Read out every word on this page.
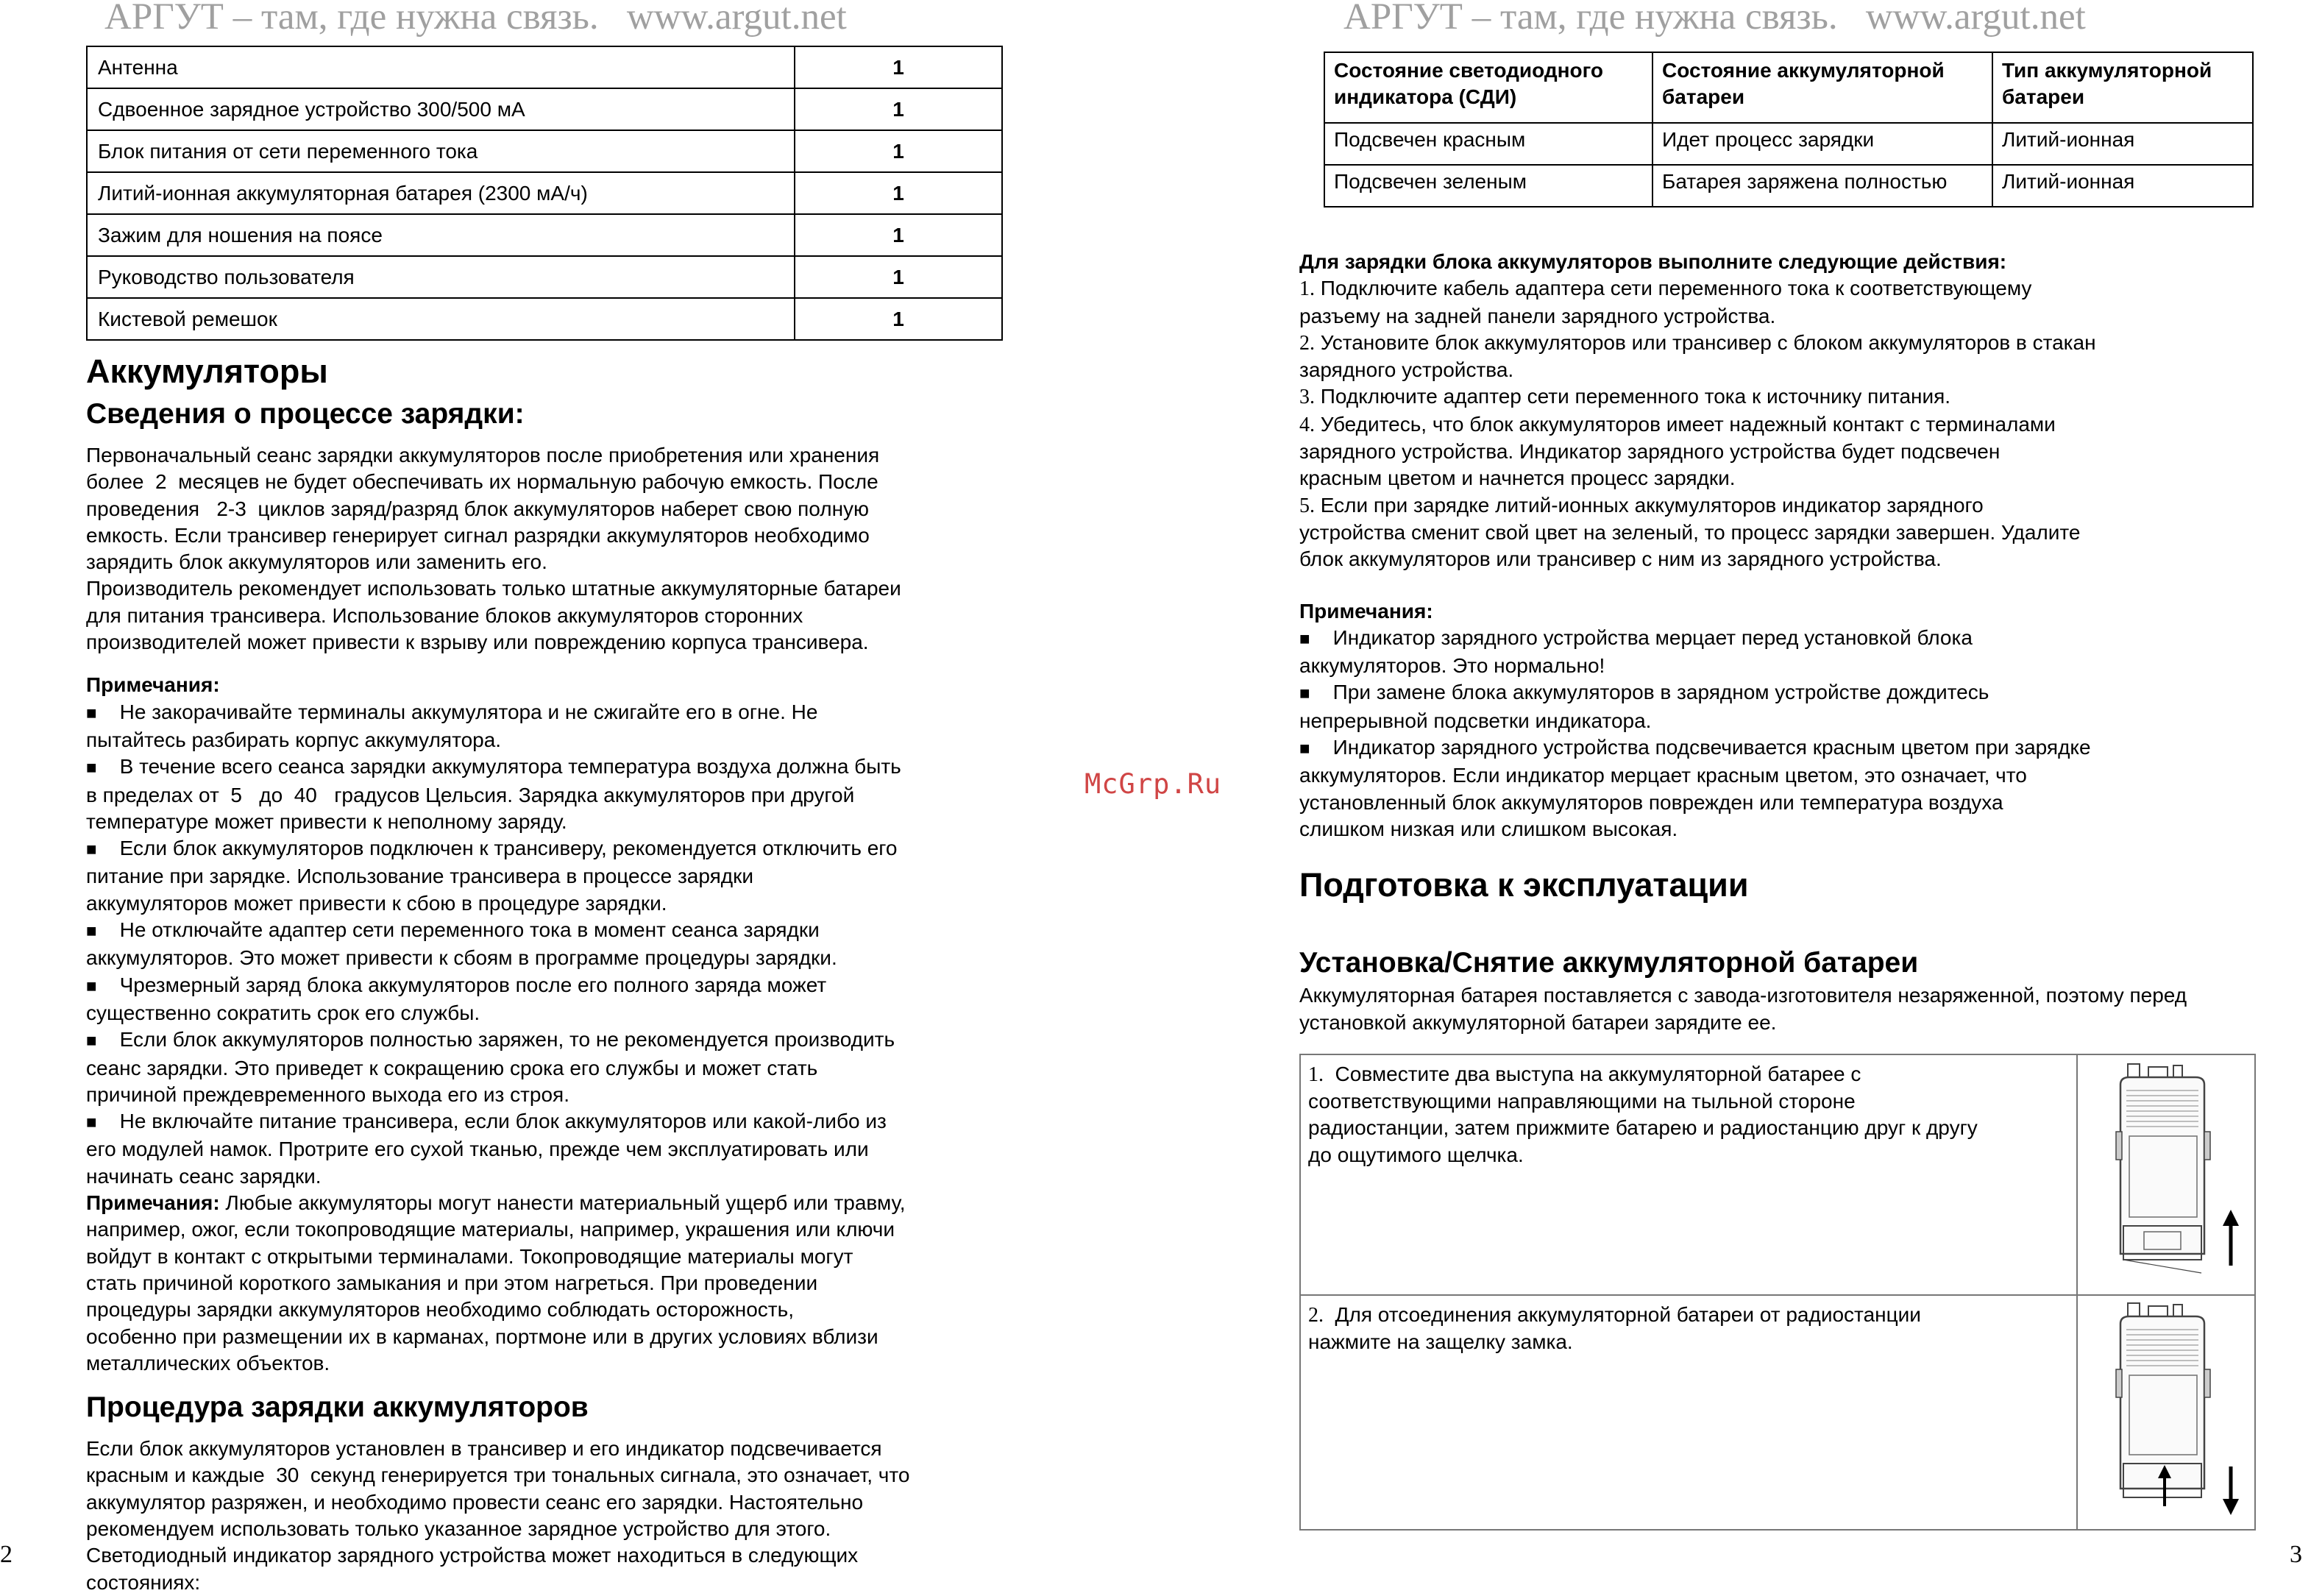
АРГУТ – там, где нужна связь.   www.argut.net	АРГУТ – там, где нужна связь.   www.argut.net
McGrp.Ru
2	3
Антенна	1
Сдвоенное зарядное устройство 300/500 мА	1
Блок питания от сети переменного тока	1
Литий-ионная аккумуляторная батарея (2300 мА/ч)	1
Зажим для ношения на поясе	1
Руководство пользователя	1
Кистевой ремешок	1
Аккумуляторы
Сведения о процессе зарядки:
Первоначальный сеанс зарядки аккумуляторов после приобретения или хранения
более  2  месяцев не будет обеспечивать их нормальную рабочую емкость. После
проведения   2-3  циклов заряд/разряд блок аккумуляторов наберет свою полную
емкость. Если трансивер генерирует сигнал разрядки аккумуляторов необходимо
зарядить блок аккумуляторов или заменить его.
Производитель рекомендует использовать только штатные аккумуляторные батареи
для питания трансивера. Использование блоков аккумуляторов сторонних
производителей может привести к взрыву или повреждению корпуса трансивера.
Примечания:
■    Не закорачивайте терминалы аккумулятора и не сжигайте его в огне. Не
пытайтесь разбирать корпус аккумулятора.
■    В течение всего сеанса зарядки аккумулятора температура воздуха должна быть
в пределах от  5   до  40   градусов Цельсия. Зарядка аккумуляторов при другой
температуре может привести к неполному заряду.
■    Если блок аккумуляторов подключен к трансиверу, рекомендуется отключить его
питание при зарядке. Использование трансивера в процессе зарядки
аккумуляторов может привести к сбою в процедуре зарядки.
■    Не отключайте адаптер сети переменного тока в момент сеанса зарядки
аккумуляторов. Это может привести к сбоям в программе процедуры зарядки.
■    Чрезмерный заряд блока аккумуляторов после его полного заряда может
существенно сократить срок его службы.
■    Если блок аккумуляторов полностью заряжен, то не рекомендуется производить
сеанс зарядки. Это приведет к сокращению срока его службы и может стать
причиной преждевременного выхода его из строя.
■    Не включайте питание трансивера, если блок аккумуляторов или какой-либо из
его модулей намок. Протрите его сухой тканью, прежде чем эксплуатировать или
начинать сеанс зарядки.
Примечания: Любые аккумуляторы могут нанести материальный ущерб или травму,
например, ожог, если токопроводящие материалы, например, украшения или ключи
войдут в контакт с открытыми терминалами. Токопроводящие материалы могут
стать причиной короткого замыкания и при этом нагреться. При проведении
процедуры зарядки аккумуляторов необходимо соблюдать осторожность,
особенно при размещении их в карманах, портмоне или в других условиях вблизи
металлических объектов.
Процедура зарядки аккумуляторов
Если блок аккумуляторов установлен в трансивер и его индикатор подсвечивается
красным и каждые  30  секунд генерируется три тональных сигнала, это означает, что
аккумулятор разряжен, и необходимо провести сеанс его зарядки. Настоятельно
рекомендуем использовать только указанное зарядное устройство для этого.
Светодиодный индикатор зарядного устройства может находиться в следующих
состояниях:
Состояние светодиодного индикатора (СДИ)	Состояние аккумуляторной батареи	Тип аккумуляторной батареи
Подсвечен красным	Идет процесс зарядки	Литий-ионная
Подсвечен зеленым	Батарея заряжена полностью	Литий-ионная
Для зарядки блока аккумуляторов выполните следующие действия:
1. Подключите кабель адаптера сети переменного тока к соответствующему
разъему на задней панели зарядного устройства.
2. Установите блок аккумуляторов или трансивер с блоком аккумуляторов в стакан
зарядного устройства.
3. Подключите адаптер сети переменного тока к источнику питания.
4. Убедитесь, что блок аккумуляторов имеет надежный контакт с терминалами
зарядного устройства. Индикатор зарядного устройства будет подсвечен
красным цветом и начнется процесс зарядки.
5. Если при зарядке литий-ионных аккумуляторов индикатор зарядного
устройства сменит свой цвет на зеленый, то процесс зарядки завершен. Удалите
блок аккумуляторов или трансивер с ним из зарядного устройства.
Примечания:
■    Индикатор зарядного устройства мерцает перед установкой блока
аккумуляторов. Это нормально!
■    При замене блока аккумуляторов в зарядном устройстве дождитесь
непрерывной подсветки индикатора.
■    Индикатор зарядного устройства подсвечивается красным цветом при зарядке
аккумуляторов. Если индикатор мерцает красным цветом, это означает, что
установленный блок аккумуляторов поврежден или температура воздуха
слишком низкая или слишком высокая.
Подготовка к эксплуатации
Установка/Снятие аккумуляторной батареи
Аккумуляторная батарея поставляется с завода-изготовителя незаряженной, поэтому перед
установкой аккумуляторной батареи зарядите ее.
1.  Совместите два выступа на аккумуляторной батарее с
соответствующими направляющими на тыльной стороне
радиостанции, затем прижмите батарею и радиостанцию друг к другу
до ощутимого щелчка.	
2.  Для отсоединения аккумуляторной батареи от радиостанции
нажмите на защелку замка.	
